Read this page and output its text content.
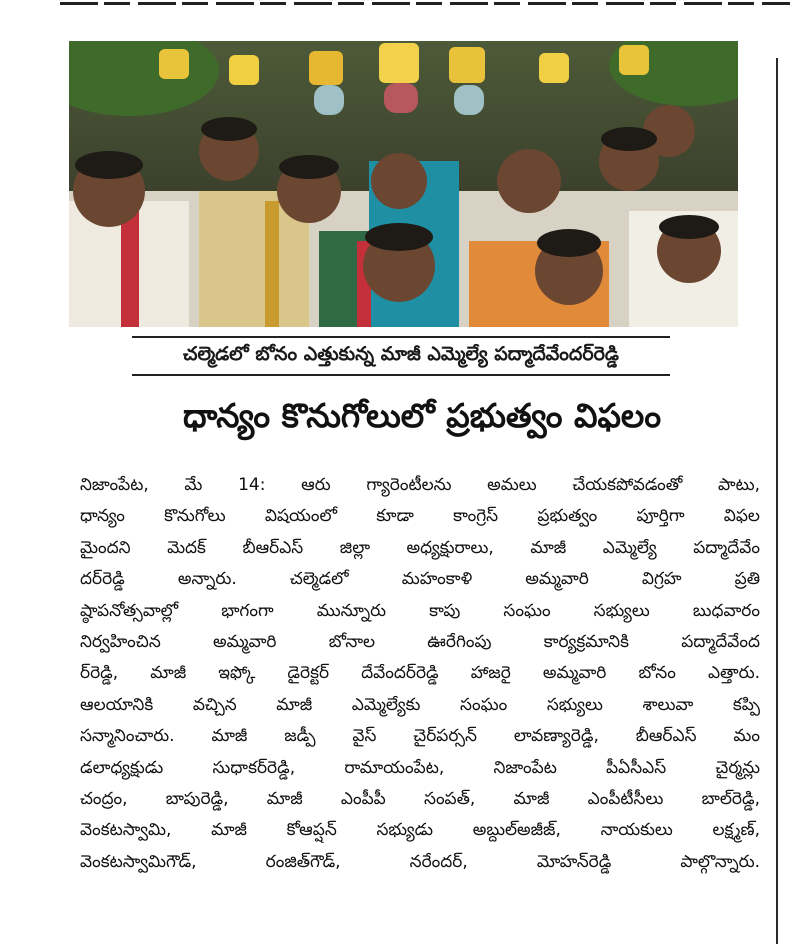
చల్మెడలో బోనం ఎత్తుకున్న మాజీ ఎమ్మెల్యే పద్మాదేవేందర్‌రెడ్డి
ధాన్యం కొనుగోలులో ప్రభుత్వం విఫలం
నిజాంపేట, మే 14: ఆరు గ్యారెంటీలను అమలు చేయకపోవడంతో పాటు,
ధాన్యం కొనుగోలు విషయంలో కూడా కాంగ్రెస్ ప్రభుత్వం పూర్తిగా విఫల
మైందని మెదక్ బీఆర్‌ఎస్ జిల్లా అధ్యక్షురాలు, మాజీ ఎమ్మెల్యే పద్మాదేవేం
దర్‌రెడ్డి అన్నారు. చల్మెడలో మహంకాళి అమ్మవారి విగ్రహ ప్రతి
ష్ఠాపనోత్సవాల్లో భాగంగా మున్నూరు కాపు సంఘం సభ్యులు బుధవారం
నిర్వహించిన అమ్మవారి బోనాల ఊరేగింపు కార్యక్రమానికి పద్మాదేవేంద
ర్‌రెడ్డి, మాజీ ఇఫ్కో డైరెక్టర్ దేవేందర్‌రెడ్డి హాజరై అమ్మవారి బోనం ఎత్తారు.
ఆలయానికి వచ్చిన మాజీ ఎమ్మెల్యేకు సంఘం సభ్యులు శాలువా కప్పి
సన్మానించారు. మాజీ జడ్పీ వైస్ చైర్‌పర్సన్ లావణ్యారెడ్డి, బీఆర్‌ఎస్ మం
డలాధ్యక్షుడు సుధాకర్‌రెడ్డి, రామాయంపేట, నిజాంపేట పీఏసీఎస్ చైర్మన్లు
చంద్రం, బాపురెడ్డి, మాజీ ఎంపీపీ సంపత్, మాజీ ఎంపీటీసీలు బాల్‌రెడ్డి,
వెంకటస్వామి, మాజీ కోఆప్షన్ సభ్యుడు అబ్దుల్‌అజీజ్, నాయకులు లక్ష్మణ్,
వెంకటస్వామిగౌడ్, రంజిత్‌గౌడ్, నరేందర్, మోహన్‌రెడ్డి పాల్గొన్నారు.
